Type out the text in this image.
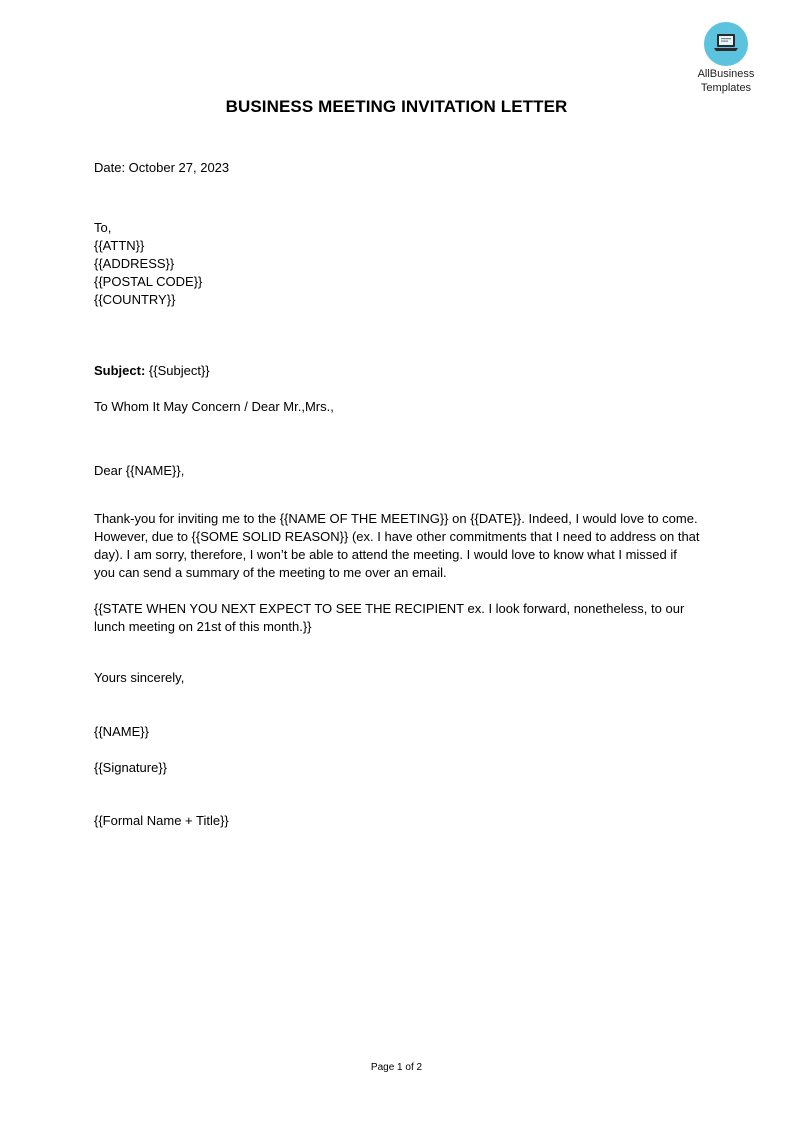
AllBusiness
Templates
BUSINESS MEETING INVITATION LETTER
Date: October 27, 2023
To,
{{ATTN}}
{{ADDRESS}}
{{POSTAL CODE}}
{{COUNTRY}}
Subject: {{Subject}}
To Whom It May Concern / Dear Mr.,Mrs.,
Dear {{NAME}},
Thank-you for inviting me to the {{NAME OF THE MEETING}} on {{DATE}}. Indeed, I would love to come. However, due to {{SOME SOLID REASON}} (ex. I have other commitments that I need to address on that day). I am sorry, therefore, I won’t be able to attend the meeting. I would love to know what I missed if you can send a summary of the meeting to me over an email.
{{STATE WHEN YOU NEXT EXPECT TO SEE THE RECIPIENT ex. I look forward, nonetheless, to our lunch meeting on 21st of this month.}}
Yours sincerely,
{{NAME}}
{{Signature}}
{{Formal Name + Title}}
Page 1 of 2
